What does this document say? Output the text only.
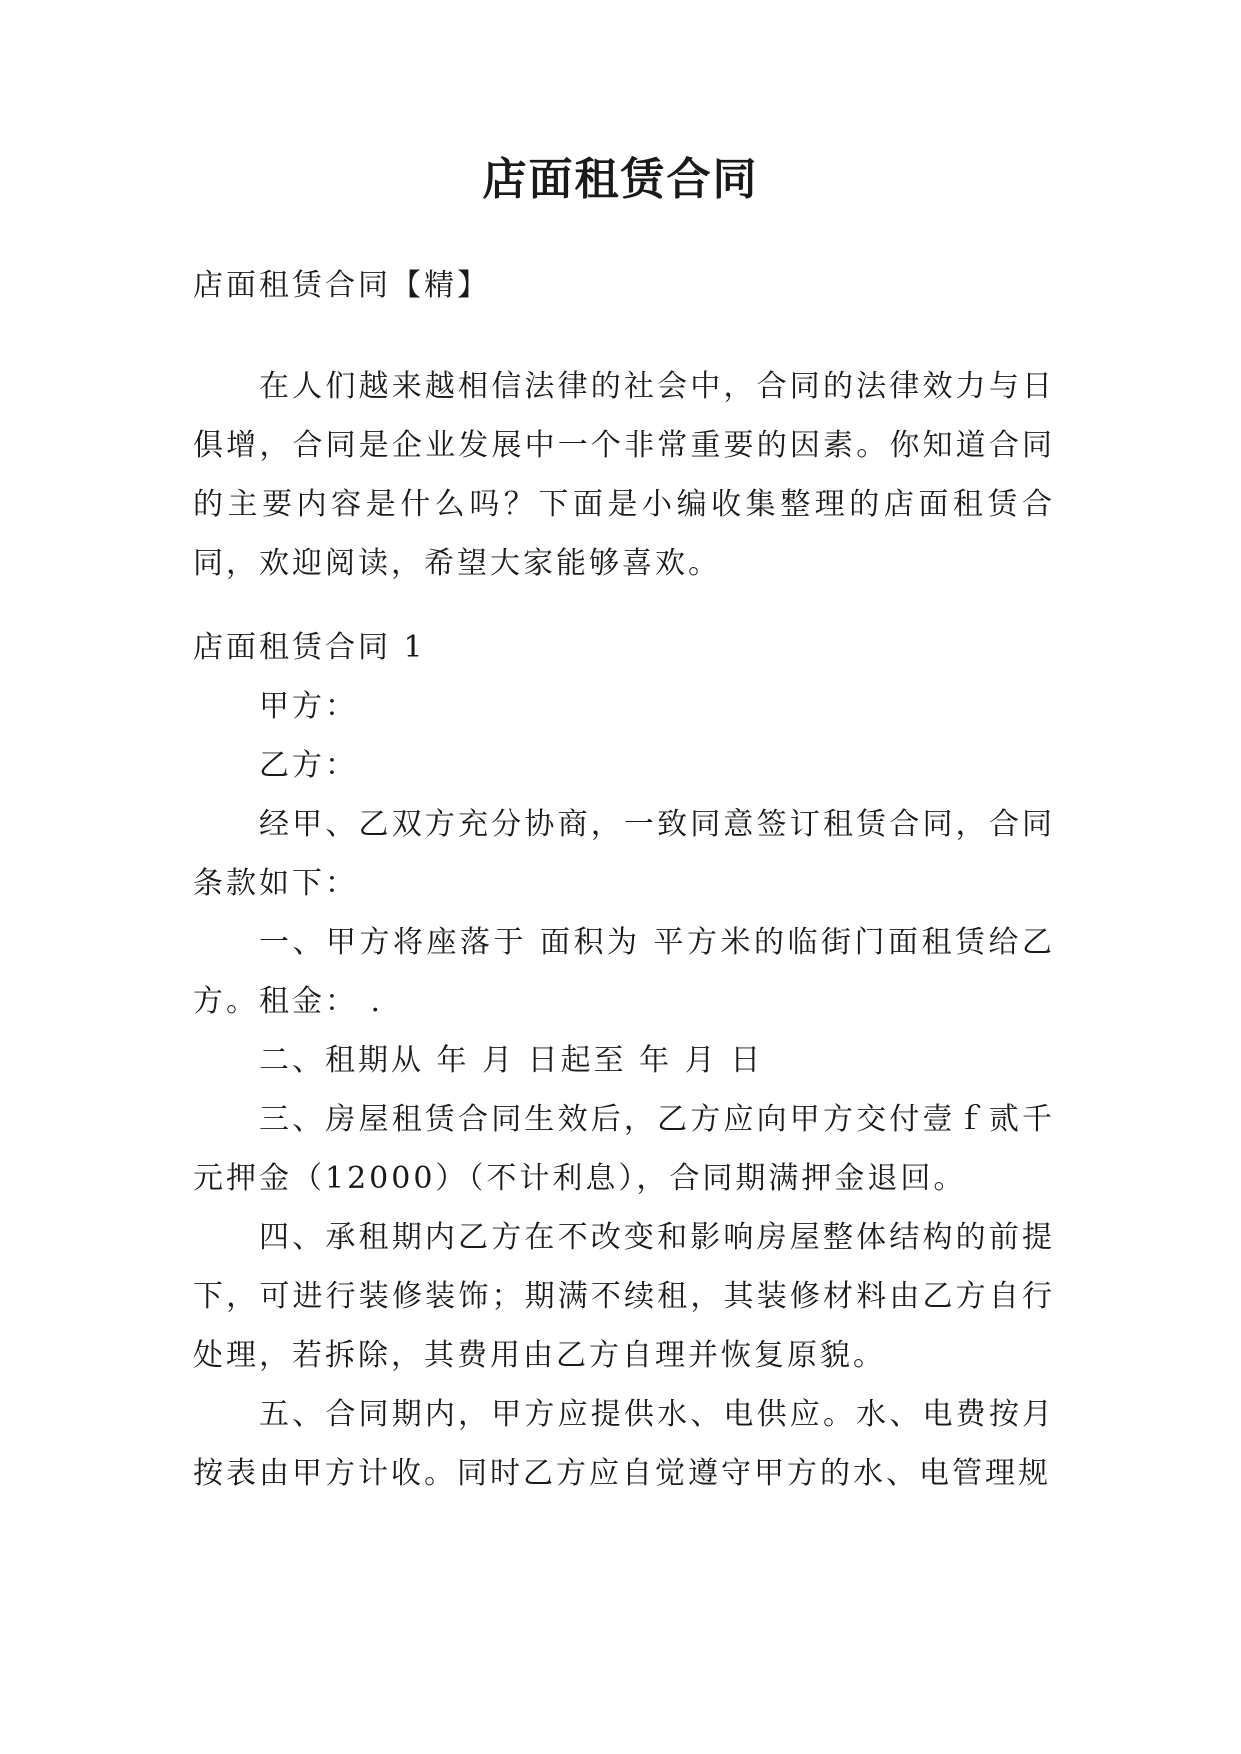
店面租赁合同

店面租赁合同【精】

在人们越来越相信法律的社会中，合同的法律效力与日俱增，合同是企业发展中一个非常重要的因素。你知道合同的主要内容是什么吗？下面是小编收集整理的店面租赁合同，欢迎阅读，希望大家能够喜欢。

店面租赁合同 1

甲方：

乙方：

经甲、乙双方充分协商，一致同意签订租赁合同，合同条款如下：

一、甲方将座落于 面积为 平方米的临街门面租赁给乙方。租金： .

二、租期从 年 月 日起至 年 月 日

三、房屋租赁合同生效后，乙方应向甲方交付壹ｆ贰千元押金（12000）（不计利息），合同期满押金退回。

四、承租期内乙方在不改变和影响房屋整体结构的前提下，可进行装修装饰；期满不续租，其装修材料由乙方自行处理，若拆除，其费用由乙方自理并恢复原貌。

五、合同期内，甲方应提供水、电供应。水、电费按月按表由甲方计收。同时乙方应自觉遵守甲方的水、电管理规
